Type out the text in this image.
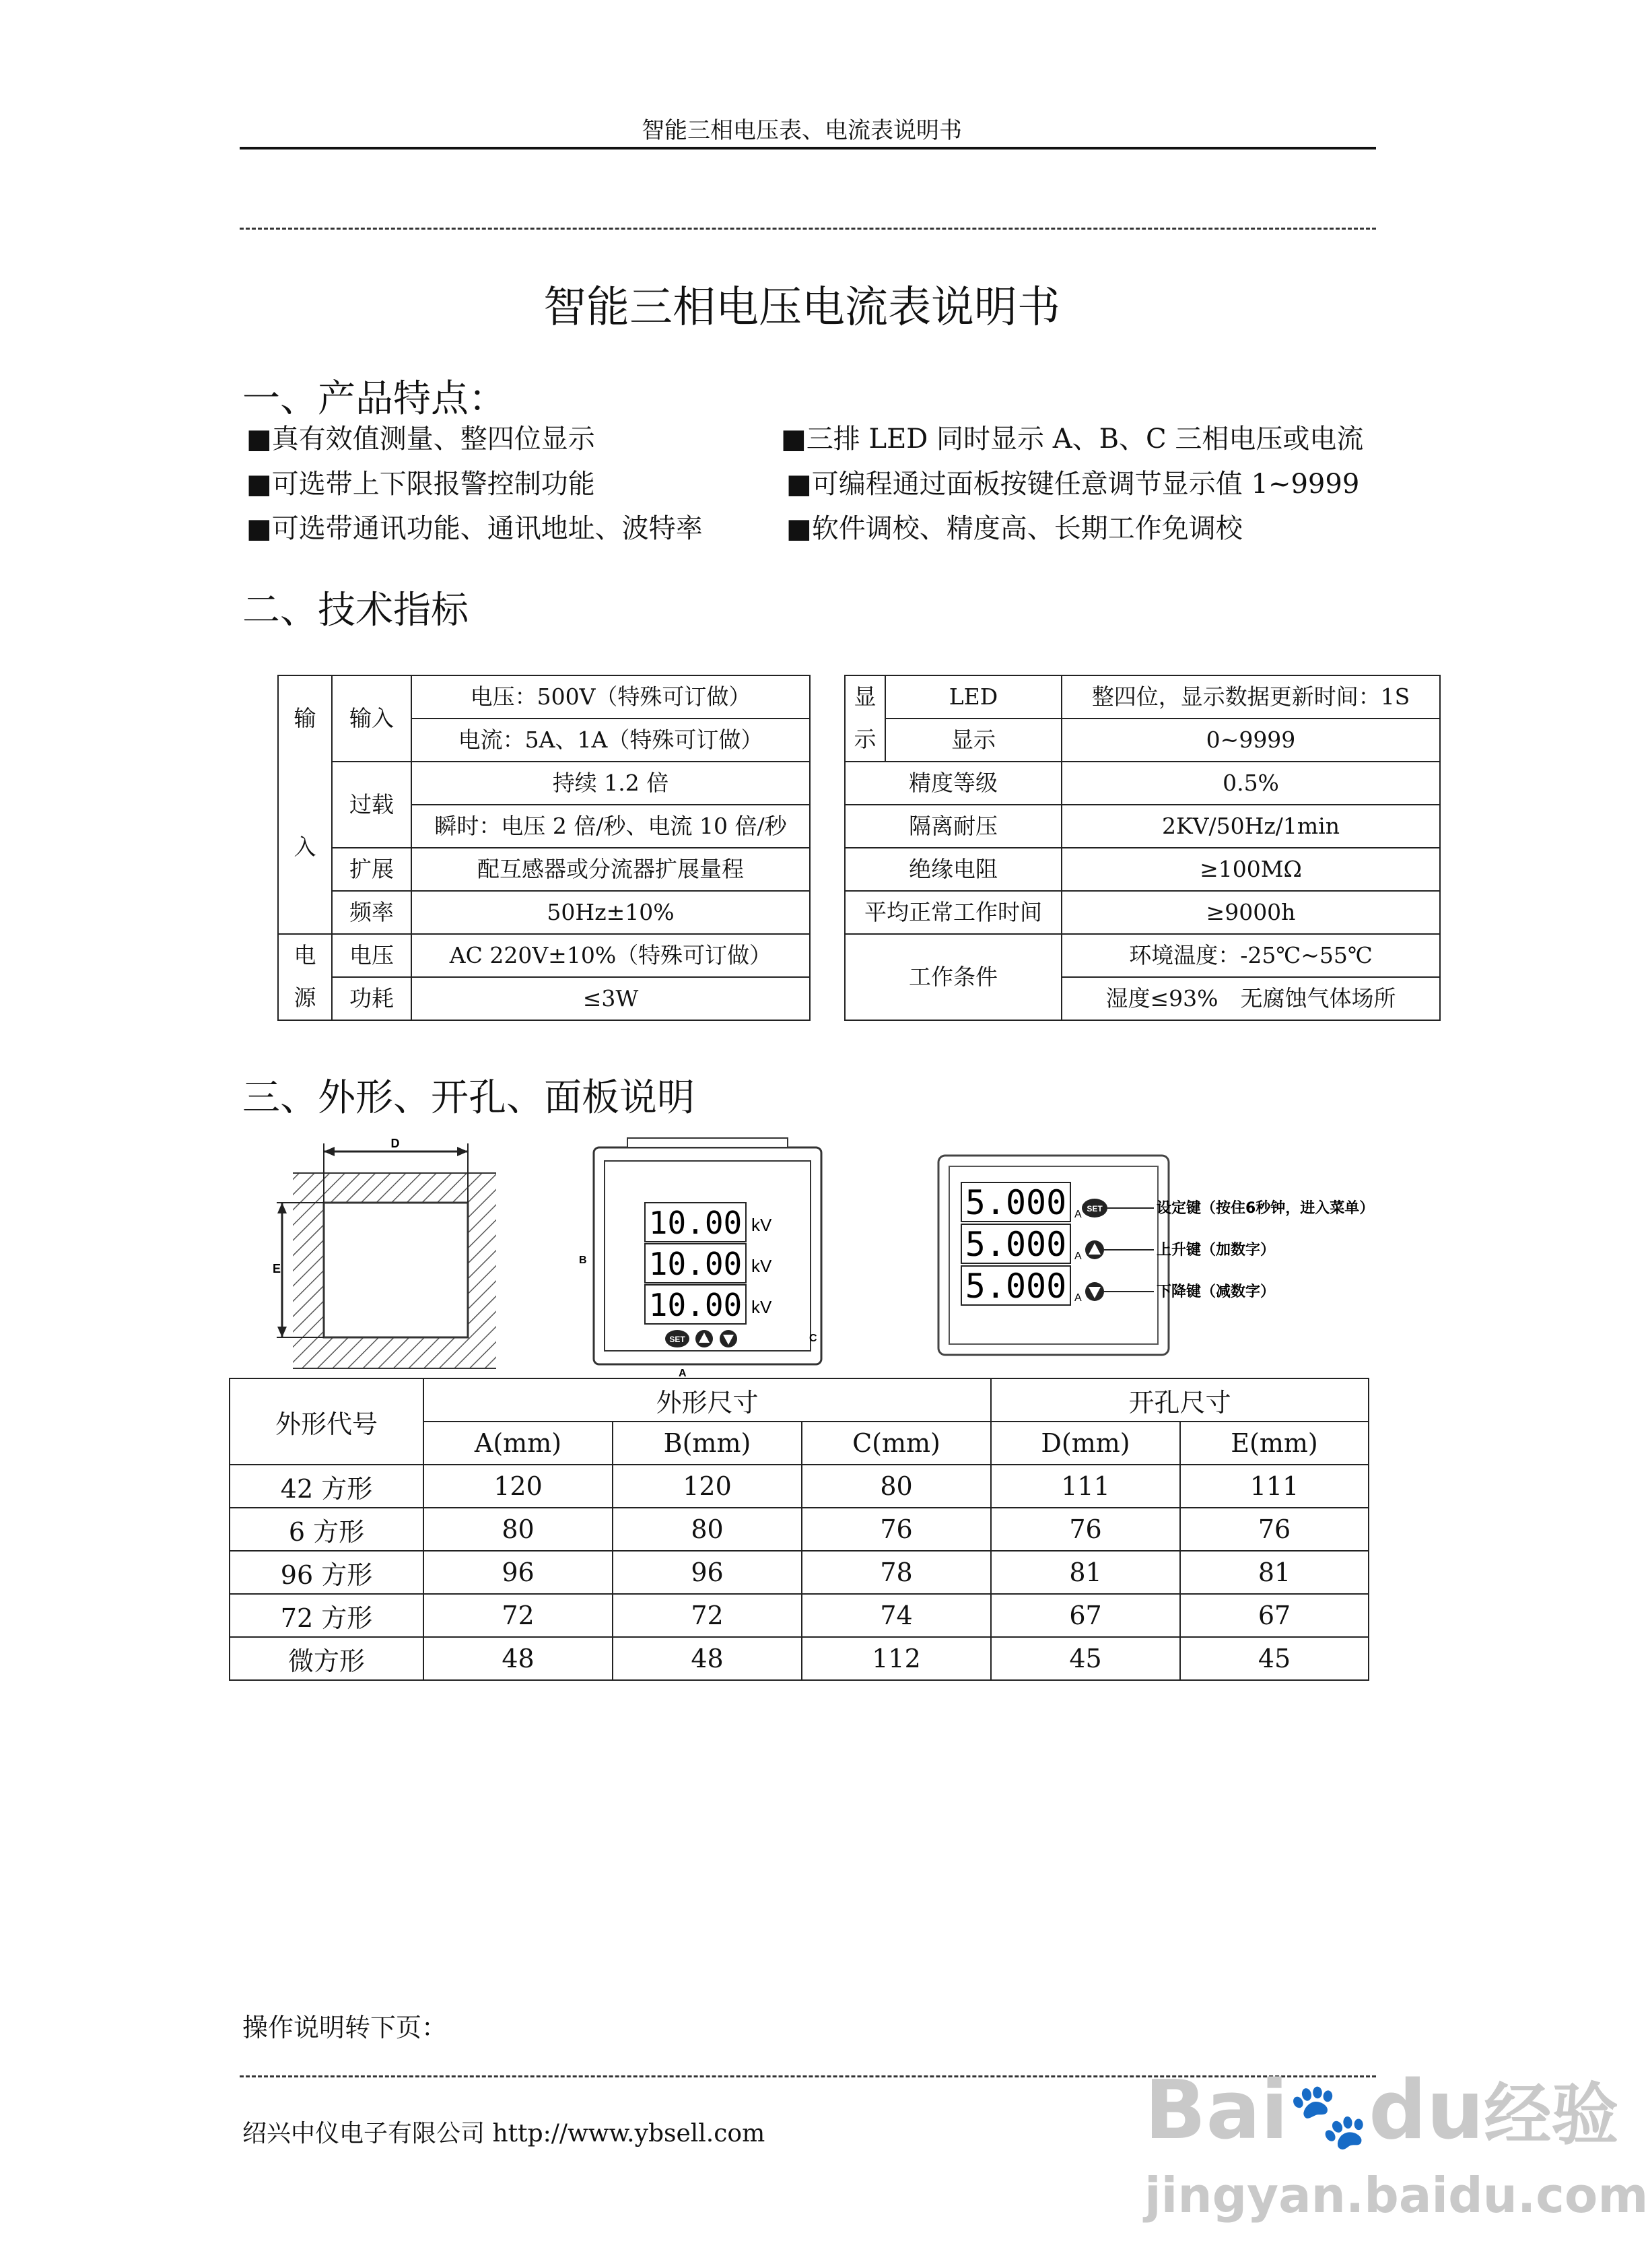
智能三相电压表、电流表说明书
智能三相电压电流表说明书
一、产品特点：
■真有效值测量、整四位显示
■可选带上下限报警控制功能
■可选带通讯功能、通讯地址、波特率
■三排 LED 同时显示 A、B、C 三相电压或电流
■可编程通过面板按键任意调节显示值 1~9999
■软件调校、精度高、长期工作免调校
二、技术指标
输	输入	电压：500V（特殊可订做）
		电流：5A、1A（特殊可订做）
入	过载	持续 1.2 倍
		瞬时：电压 2 倍/秒、电流 10 倍/秒
	扩展	配互感器或分流器扩展量程
	频率	50Hz±10%
电	电压	AC 220V±10%（特殊可订做）
源	功耗	≤3W
显	LED	整四位，显示数据更新时间：1S
示	显示	0~9999
精度等级		0.5%
隔离耐压		2KV/50Hz/1min
绝缘电阻		≥100MΩ
平均正常工作时间		≥9000h
工作条件		环境温度：-25℃~55℃
		湿度≤93%　无腐蚀气体场所
三、外形、开孔、面板说明
D
E
10.00
10.00
10.00
kV
kV
kV
SET
B
C
A
5.000
5.000
5.000
A
A
A
SET	设定键（按住6秒钟，进入菜单）
上升键（加数字）
下降键（减数字）
外形代号	外形尺寸			开孔尺寸	
	A(mm)	B(mm)	C(mm)	D(mm)	E(mm)
42 方形	120	120	80	111	111
6 方形	80	80	76	76	76
96 方形	96	96	78	81	81
72 方形	72	72	74	67	67
微方形	48	48	112	45	45
操作说明转下页：
绍兴中仪电子有限公司 http://www.ybsell.com	Bai🐾du经验
jingyan.baidu.com
